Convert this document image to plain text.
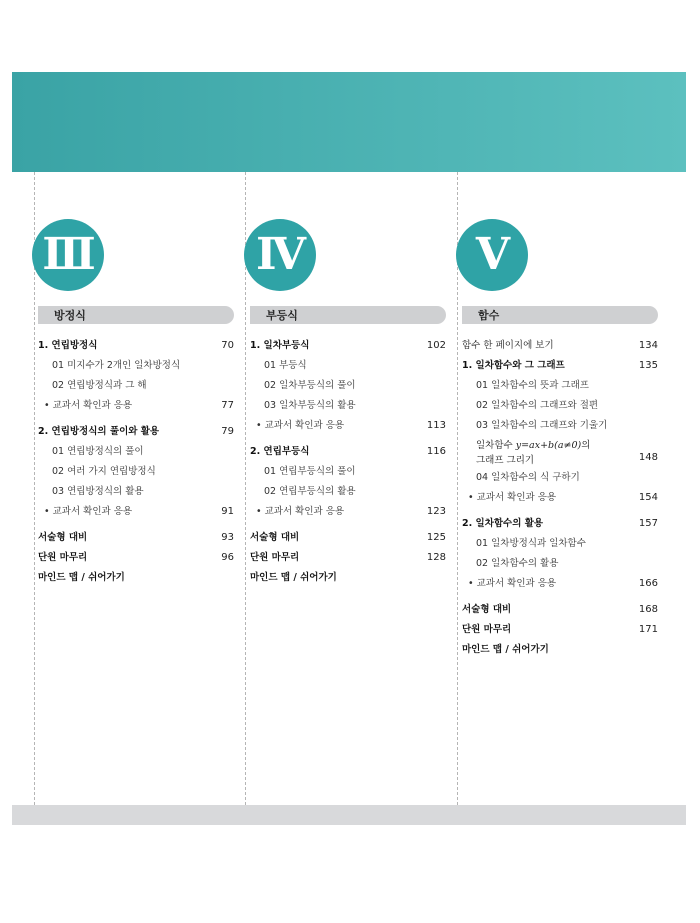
Ⅲ
방정식
1. 연립방정식	70
01 미지수가 2개인 일차방정식
02 연립방정식과 그 해
• 교과서 확인과 응용	77
2. 연립방정식의 풀이와 활용	79
01 연립방정식의 풀이
02 여러 가지 연립방정식
03 연립방정식의 활용
• 교과서 확인과 응용	91
서술형 대비	93
단원 마무리	96
마인드 맵 / 쉬어가기
Ⅳ
부등식
1. 일차부등식	102
01 부등식
02 일차부등식의 풀이
03 일차부등식의 활용
• 교과서 확인과 응용	113
2. 연립부등식	116
01 연립부등식의 풀이
02 연립부등식의 활용
• 교과서 확인과 응용	123
서술형 대비	125
단원 마무리	128
마인드 맵 / 쉬어가기
Ⅴ
함수
함수 한 페이지에 보기	134
1. 일차함수와 그 그래프	135
01 일차함수의 뜻과 그래프
02 일차함수의 그래프와 절편
03 일차함수의 그래프와 기울기
일차함수 y=ax+b(a≠0)의
그래프 그리기	148
04 일차함수의 식 구하기
• 교과서 확인과 응용	154
2. 일차함수의 활용	157
01 일차방정식과 일차함수
02 일차함수의 활용
• 교과서 확인과 응용	166
서술형 대비	168
단원 마무리	171
마인드 맵 / 쉬어가기
